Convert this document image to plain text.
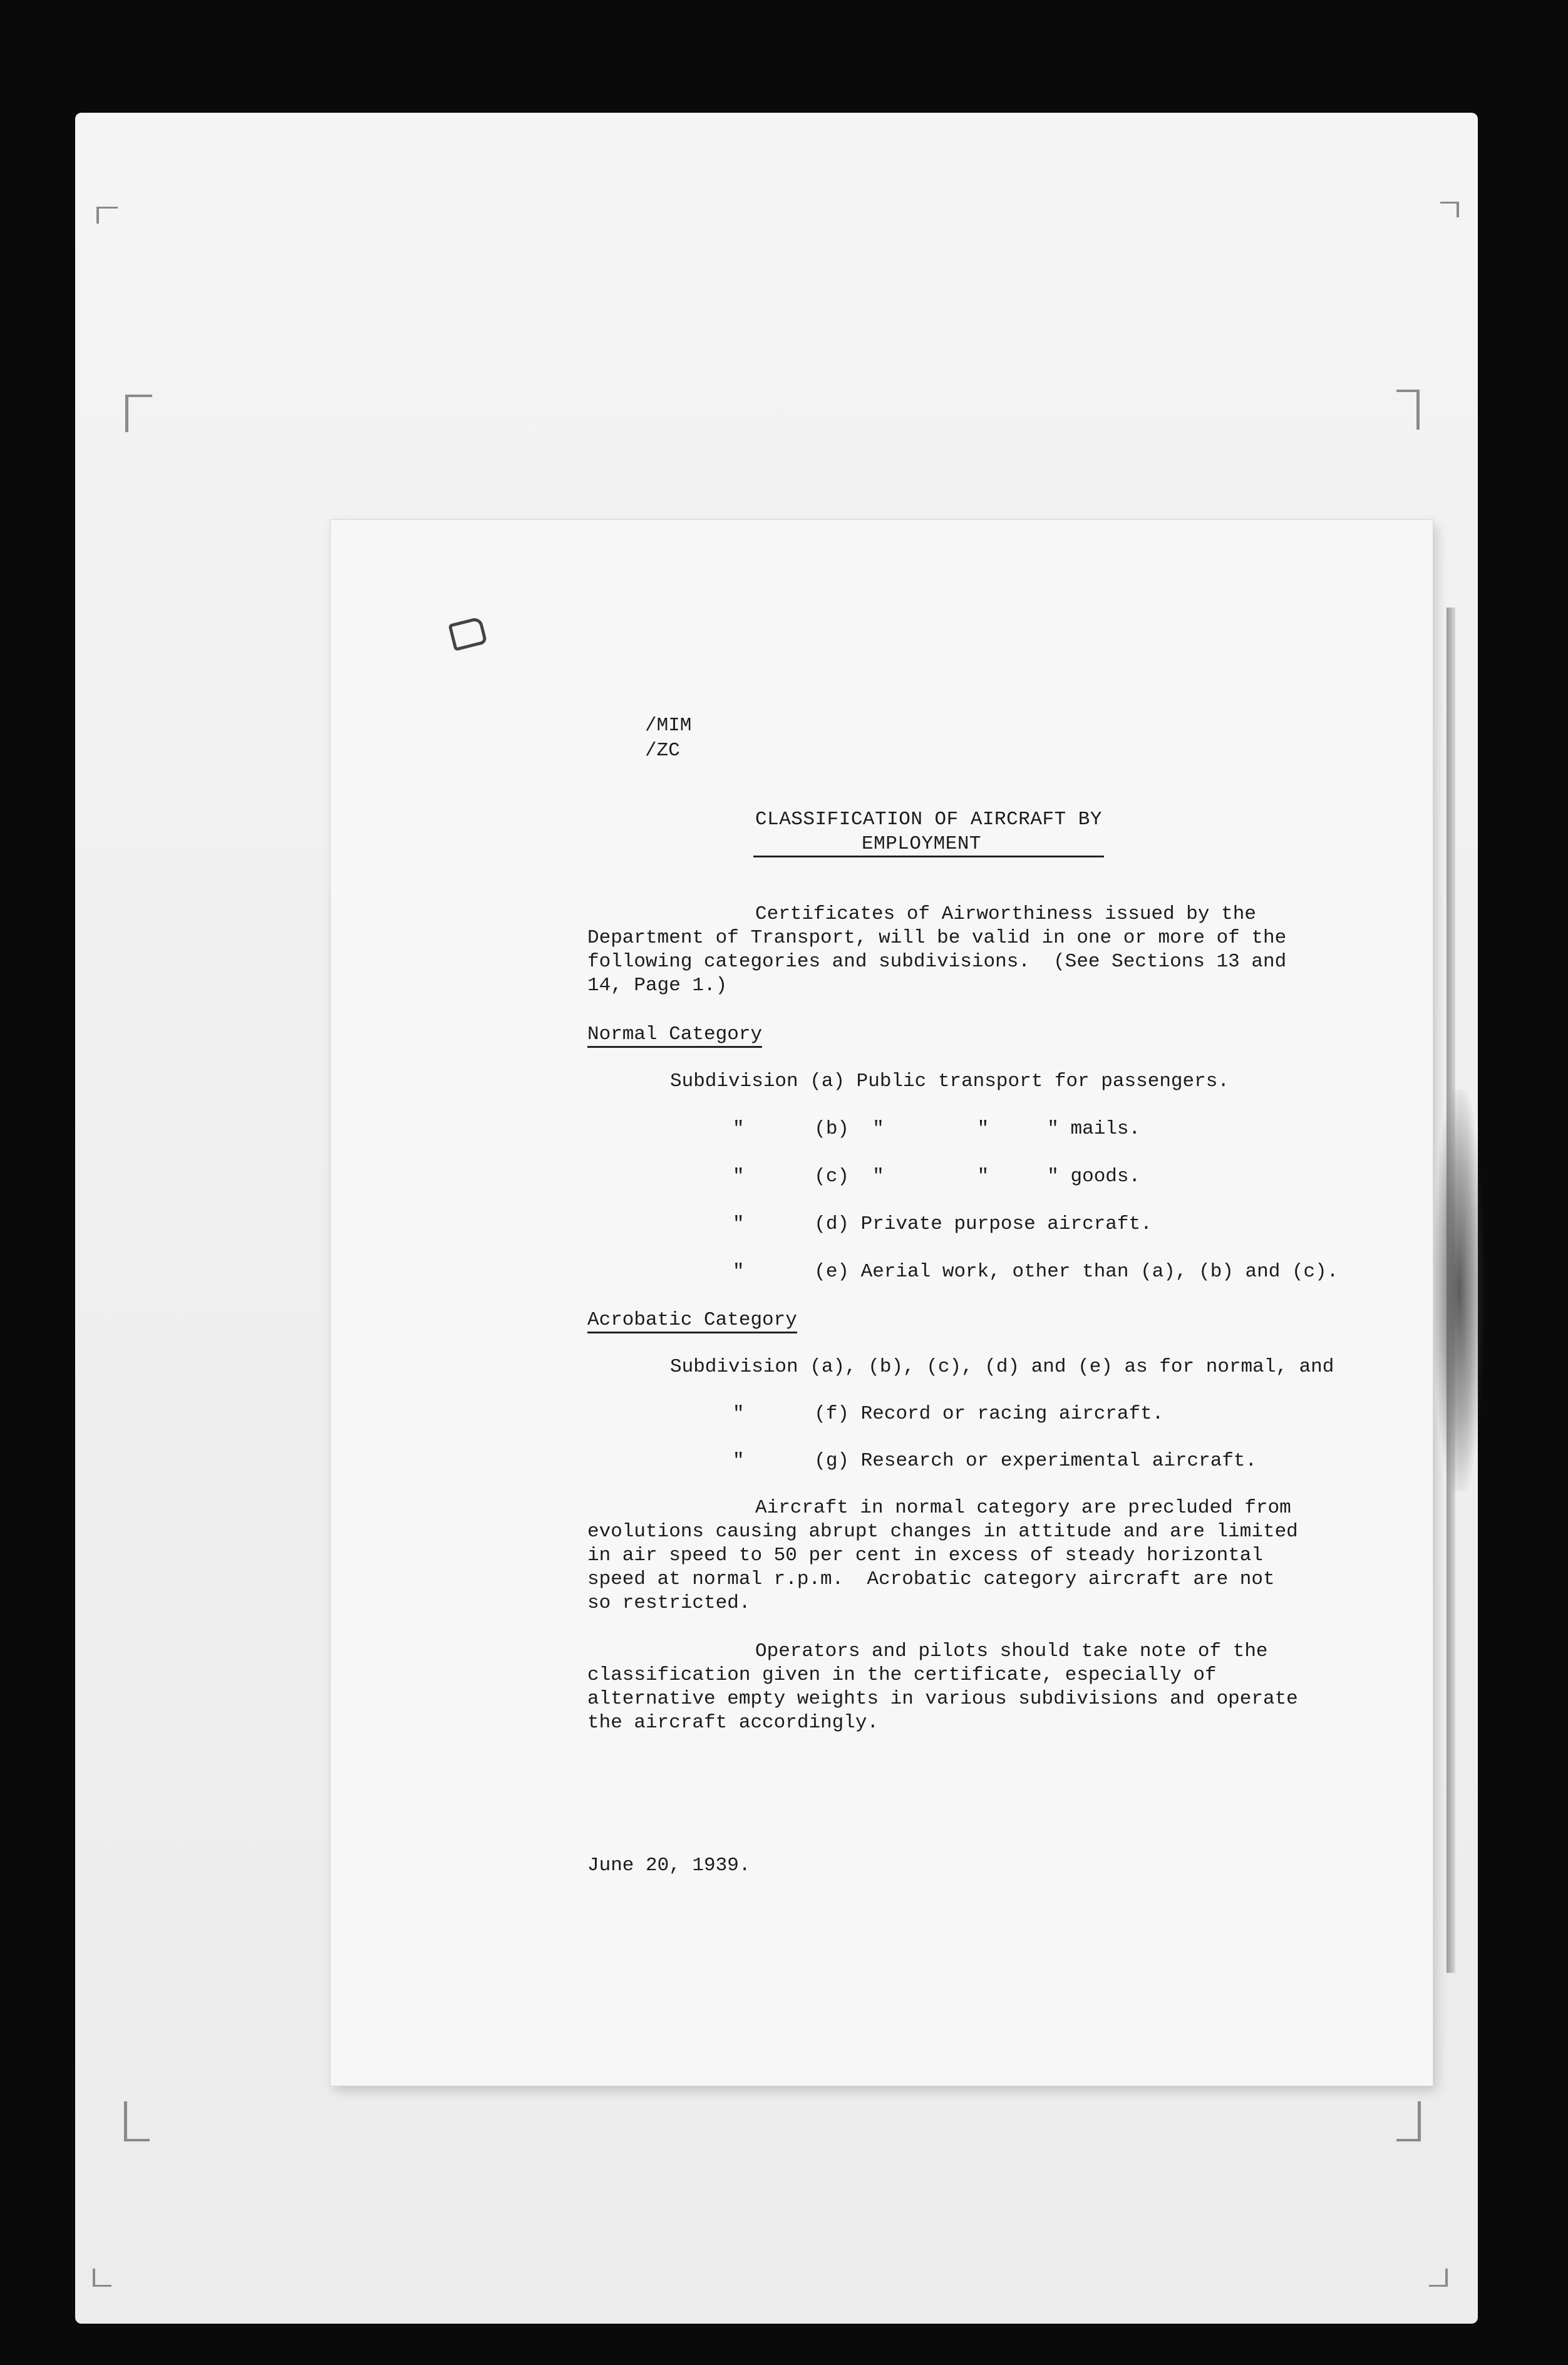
/MIM
/ZC
CLASSIFICATION OF AIRCRAFT BY
EMPLOYMENT
Certificates of Airworthiness issued by the
Department of Transport, will be valid in one or more of the
following categories and subdivisions.  (See Sections 13 and
14, Page 1.)
Normal Category
Subdivision (a) Public transport for passengers.
"      (b)  "        "     " mails.
"      (c)  "        "     " goods.
"      (d) Private purpose aircraft.
"      (e) Aerial work, other than (a), (b) and (c).
Acrobatic Category
Subdivision (a), (b), (c), (d) and (e) as for normal, and
"      (f) Record or racing aircraft.
"      (g) Research or experimental aircraft.
Aircraft in normal category are precluded from
evolutions causing abrupt changes in attitude and are limited
in air speed to 50 per cent in excess of steady horizontal
speed at normal r.p.m.  Acrobatic category aircraft are not
so restricted.
Operators and pilots should take note of the
classification given in the certificate, especially of
alternative empty weights in various subdivisions and operate
the aircraft accordingly.
June 20, 1939.
